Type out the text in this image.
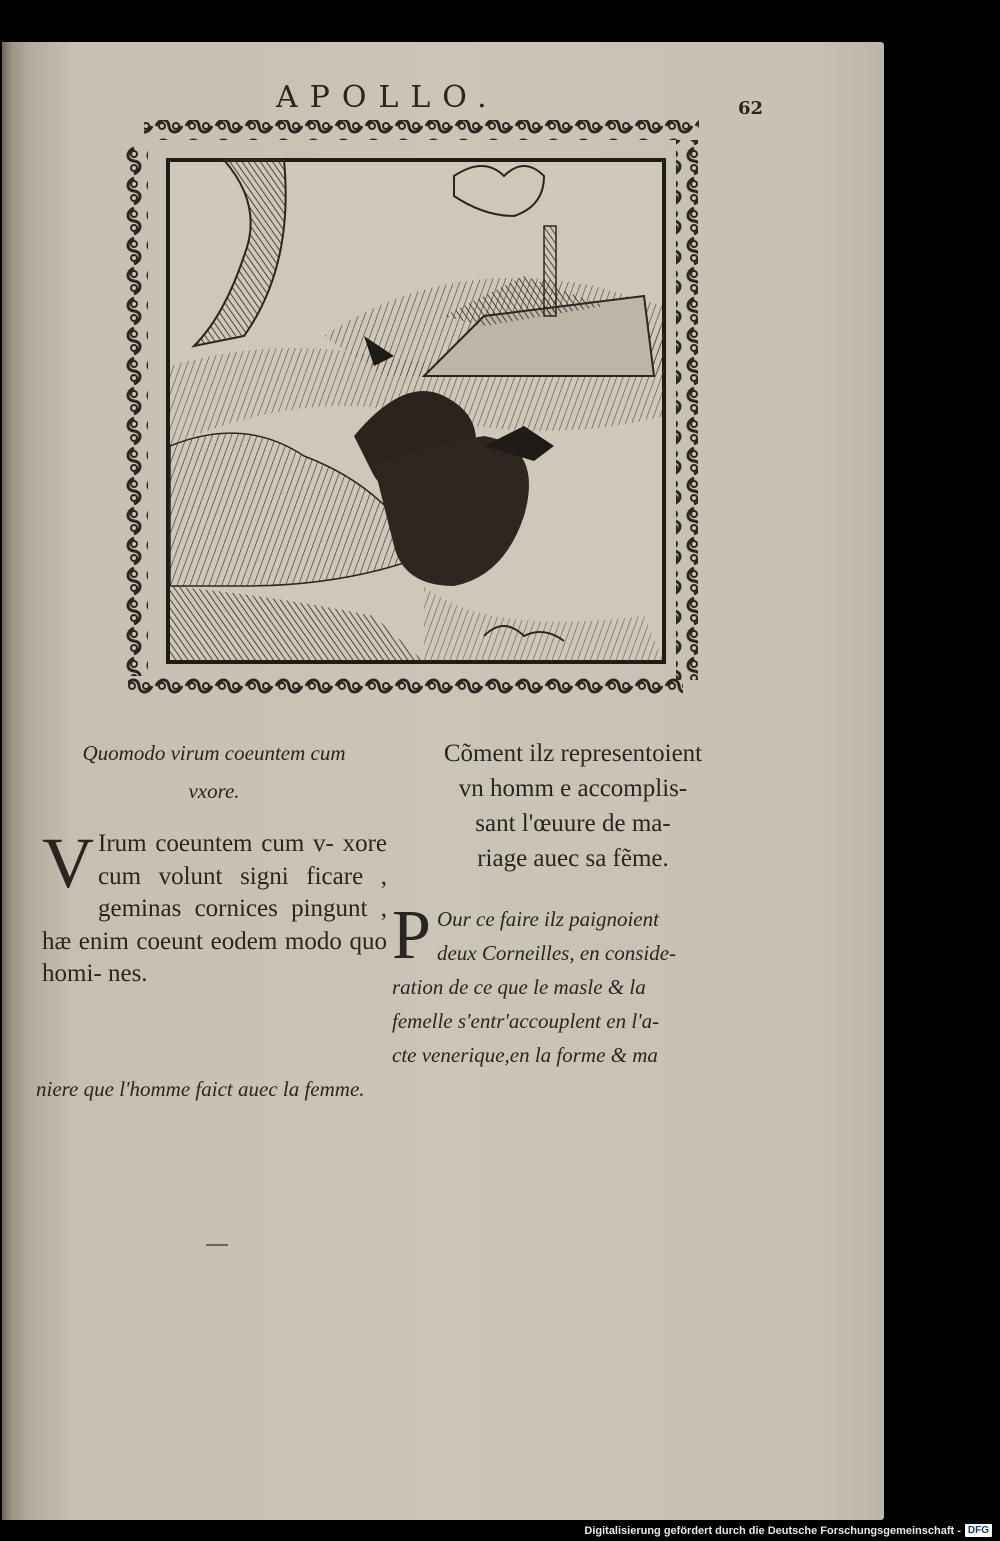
APOLLO.	62
Quomodo virum coeuntem cum
vxore.
Cõment ilz representoient
vn homm e accomplis-
sant l'œuure de ma-
riage auec sa fẽme.
V Irum coeuntem cum v- xore cum volunt signi ficare , geminas cornices pingunt , hæ enim coeunt eodem modo quo homi- nes.	P Our ce faire ilz paignoient
deux Corneilles, en conside-
ration de ce que le masle & la
femelle s'entr'accouplent en l'a-
cte venerique,en la forme & ma
niere que l'homme faict auec la femme.
Digitalisierung gefördert durch die Deutsche Forschungsgemeinschaft - DFG
